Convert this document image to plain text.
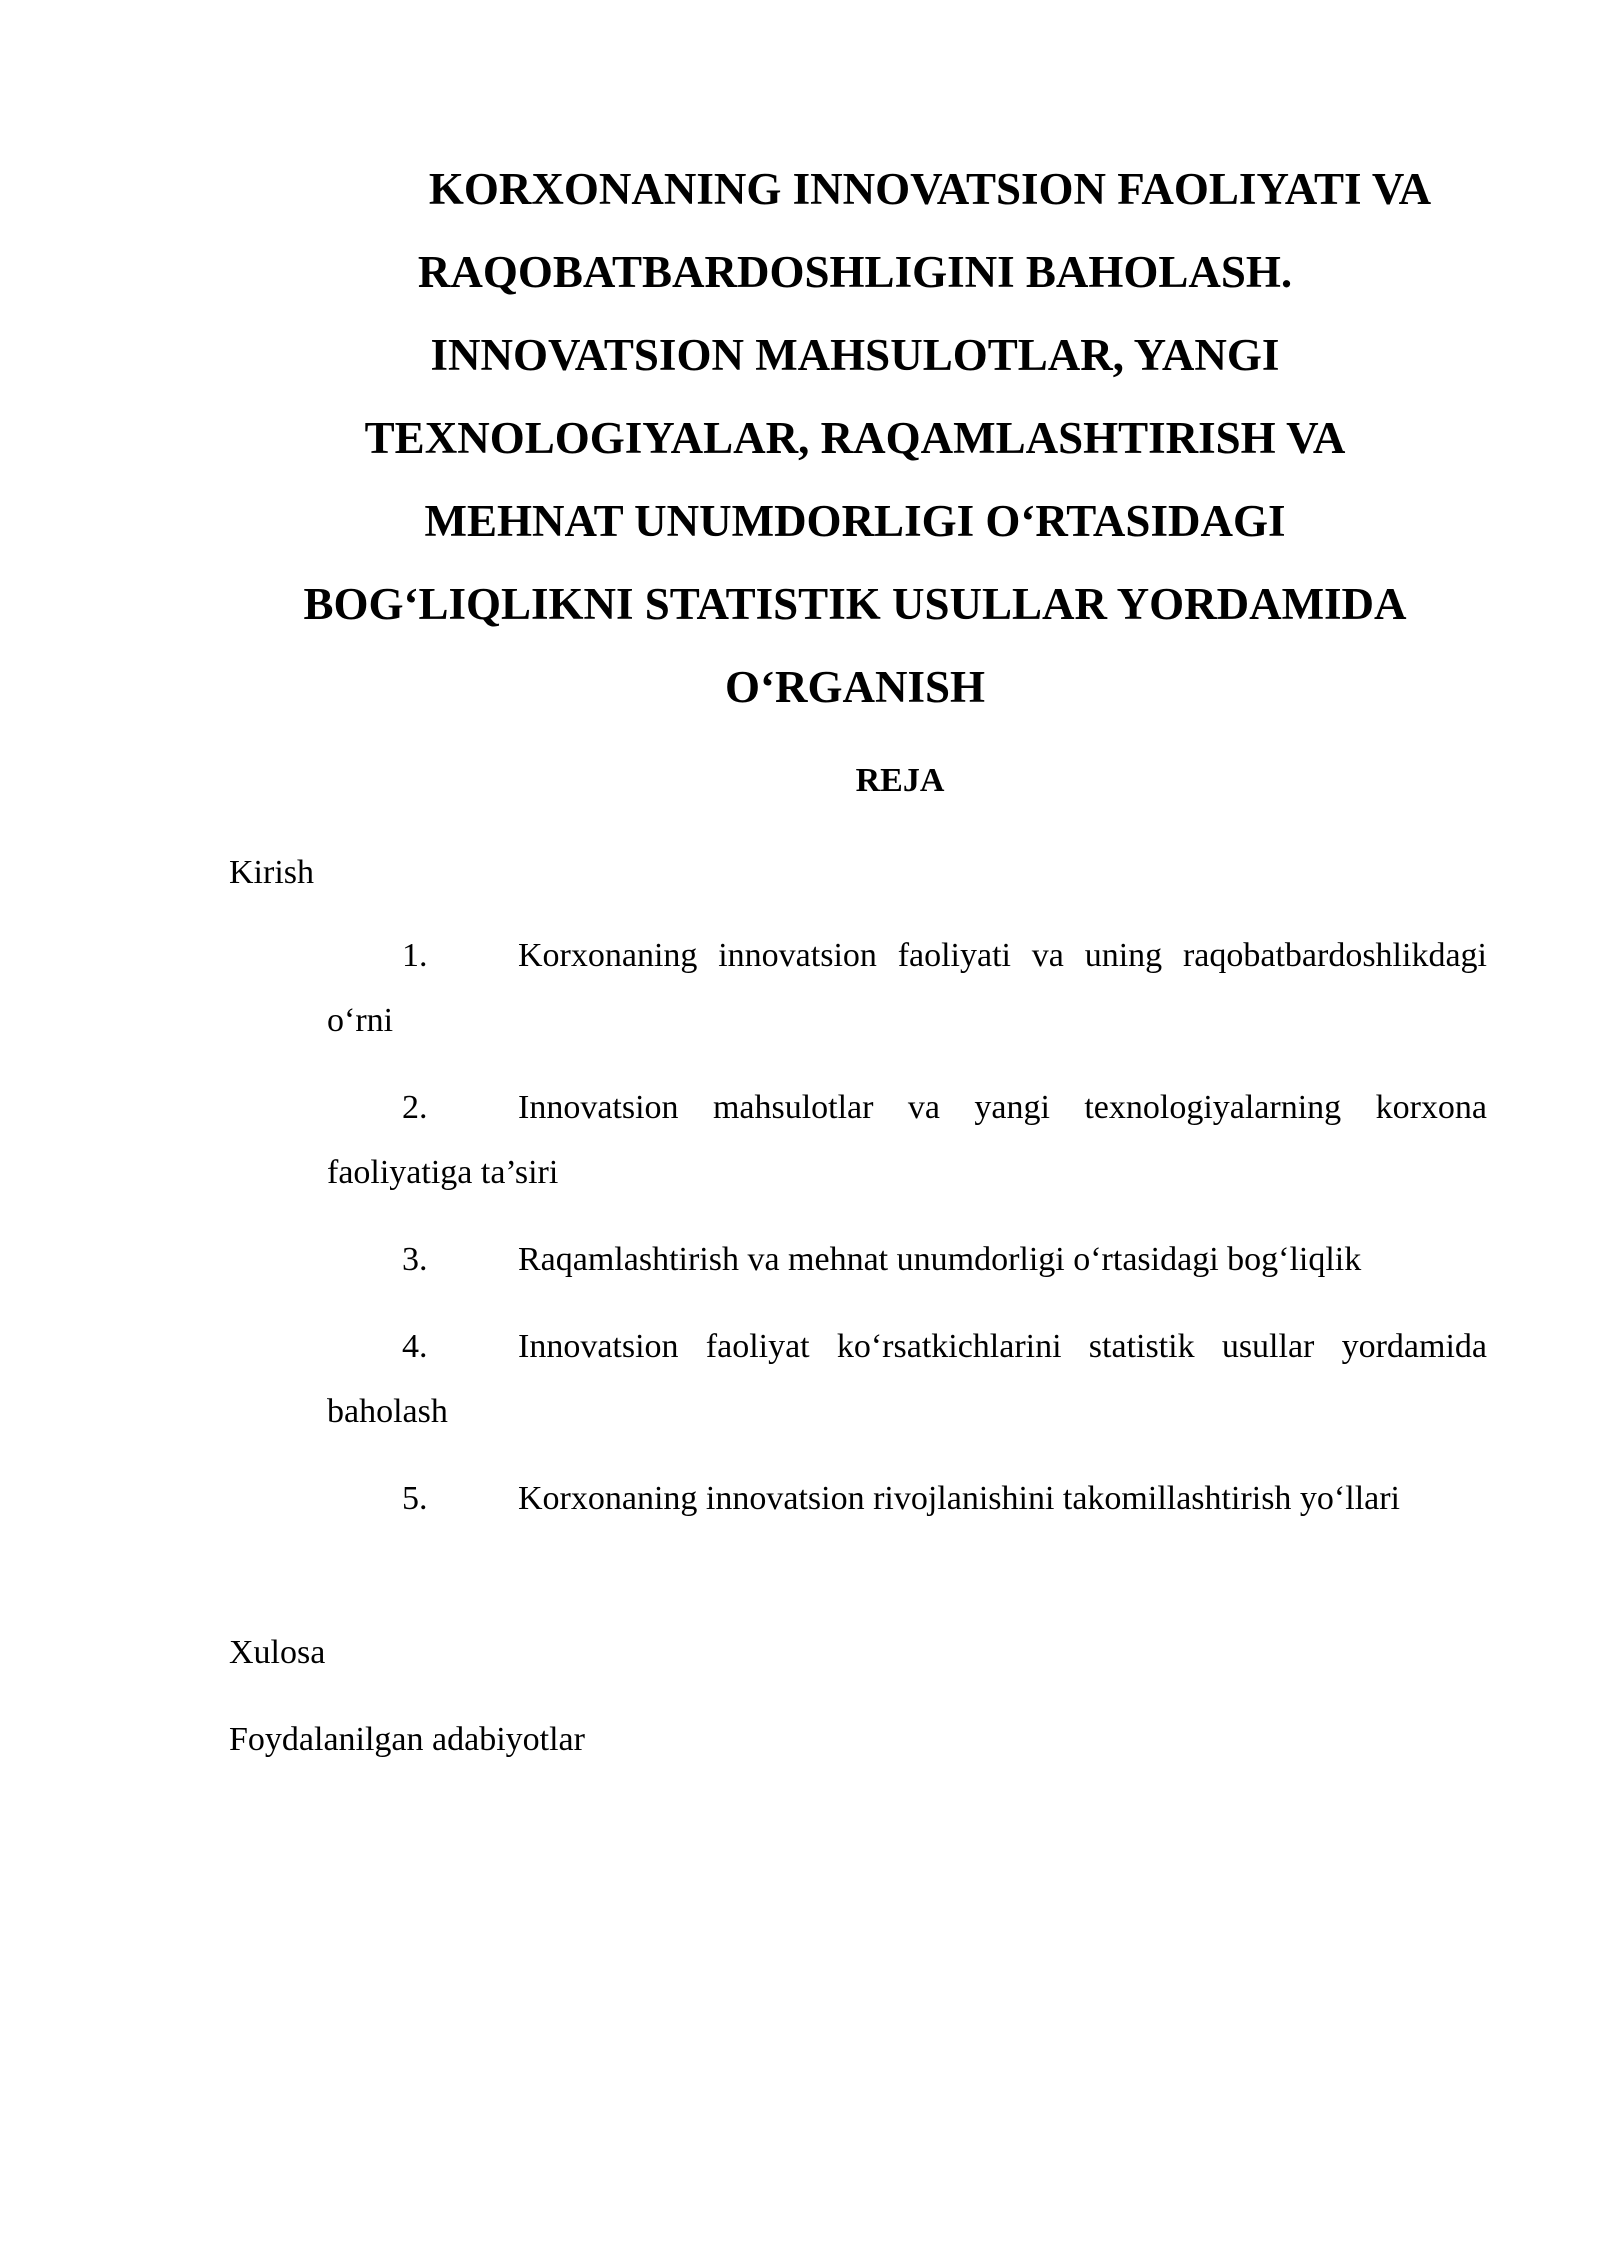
KORXONANING INNOVATSION FAOLIYATI VA
RAQOBATBARDOSHLIGINI BAHOLASH.
INNOVATSION MAHSULOTLAR, YANGI
TEXNOLOGIYALAR, RAQAMLASHTIRISH VA
MEHNAT UNUMDORLIGI O‘RTASIDAGI
BOG‘LIQLIKNI STATISTIK USULLAR YORDAMIDA
O‘RGANISH

REJA

Kirish

1.	Korxonaning innovatsion faoliyati va uning raqobatbardoshlikdagi o‘rni

2.	Innovatsion mahsulotlar va yangi texnologiyalarning korxona faoliyatiga ta’siri

3.	Raqamlashtirish va mehnat unumdorligi o‘rtasidagi bog‘liqlik

4.	Innovatsion faoliyat ko‘rsatkichlarini statistik usullar yordamida baholash

5.	Korxonaning innovatsion rivojlanishini takomillashtirish yo‘llari

Xulosa

Foydalanilgan adabiyotlar
